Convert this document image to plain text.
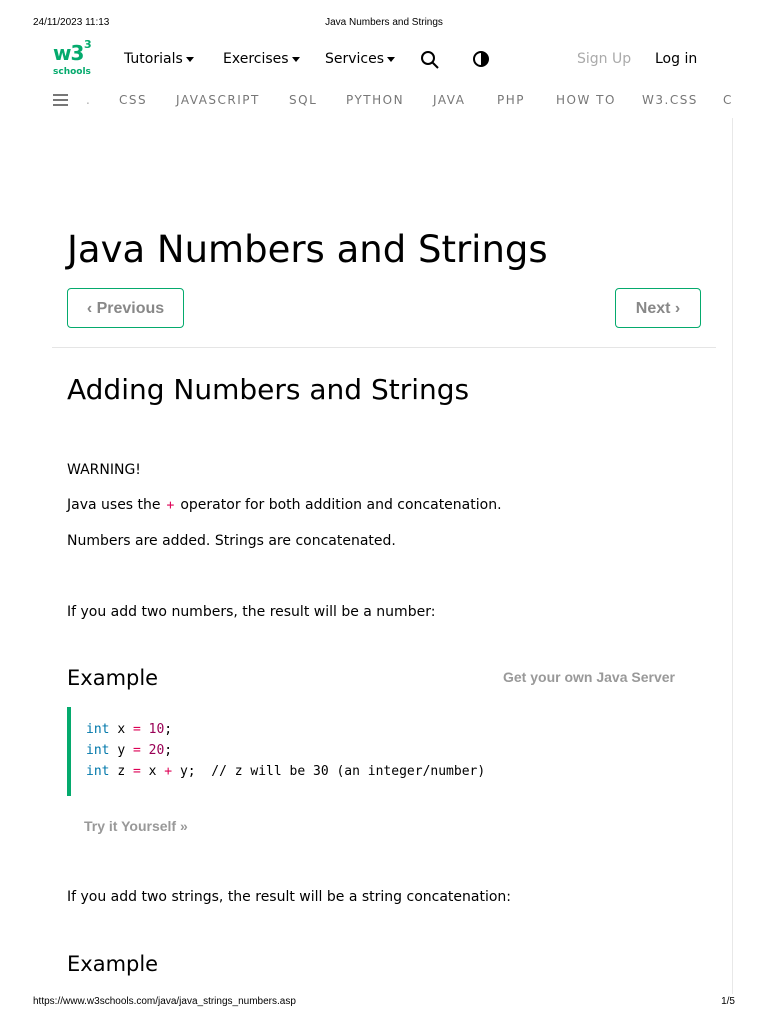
24/11/2023 11:13	Java Numbers and Strings
w3 3
schools
Tutorials	Exercises	Services	Sign Up Log in
. CSS JAVASCRIPT SQL PYTHON JAVA	PHP	HOW TO W3.CSS C
Java Numbers and Strings
‹ Previous	Next ›
Adding Numbers and Strings
WARNING!
Java uses the + operator for both addition and concatenation.
Numbers are added. Strings are concatenated.
If you add two numbers, the result will be a number:
Example	Get your own Java Server
int x = 10;
int y = 20;
int z = x + y; // z will be 30 (an integer/number)
Try it Yourself »
If you add two strings, the result will be a string concatenation:
Example
https://www.w3schools.com/java/java_strings_numbers.asp	1/5
